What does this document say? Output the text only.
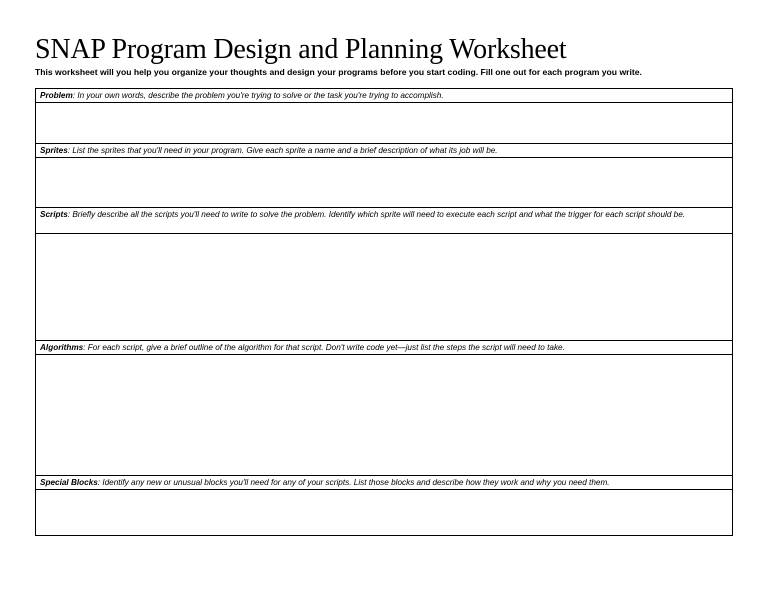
SNAP Program Design and Planning Worksheet
This worksheet will you help you organize your thoughts and design your programs before you start coding. Fill one out for each program you write.
Problem: In your own words, describe the problem you're trying to solve or the task you're trying to accomplish.
Sprites: List the sprites that you'll need in your program. Give each sprite a name and a brief description of what its job will be.
Scripts: Briefly describe all the scripts you'll need to write to solve the problem. Identify which sprite will need to execute each script and what the trigger for each script should be.
Algorithms: For each script, give a brief outline of the algorithm for that script. Don't write code yet—just list the steps the script will need to take.
Special Blocks: Identify any new or unusual blocks you'll need for any of your scripts. List those blocks and describe how they work and why you need them.
